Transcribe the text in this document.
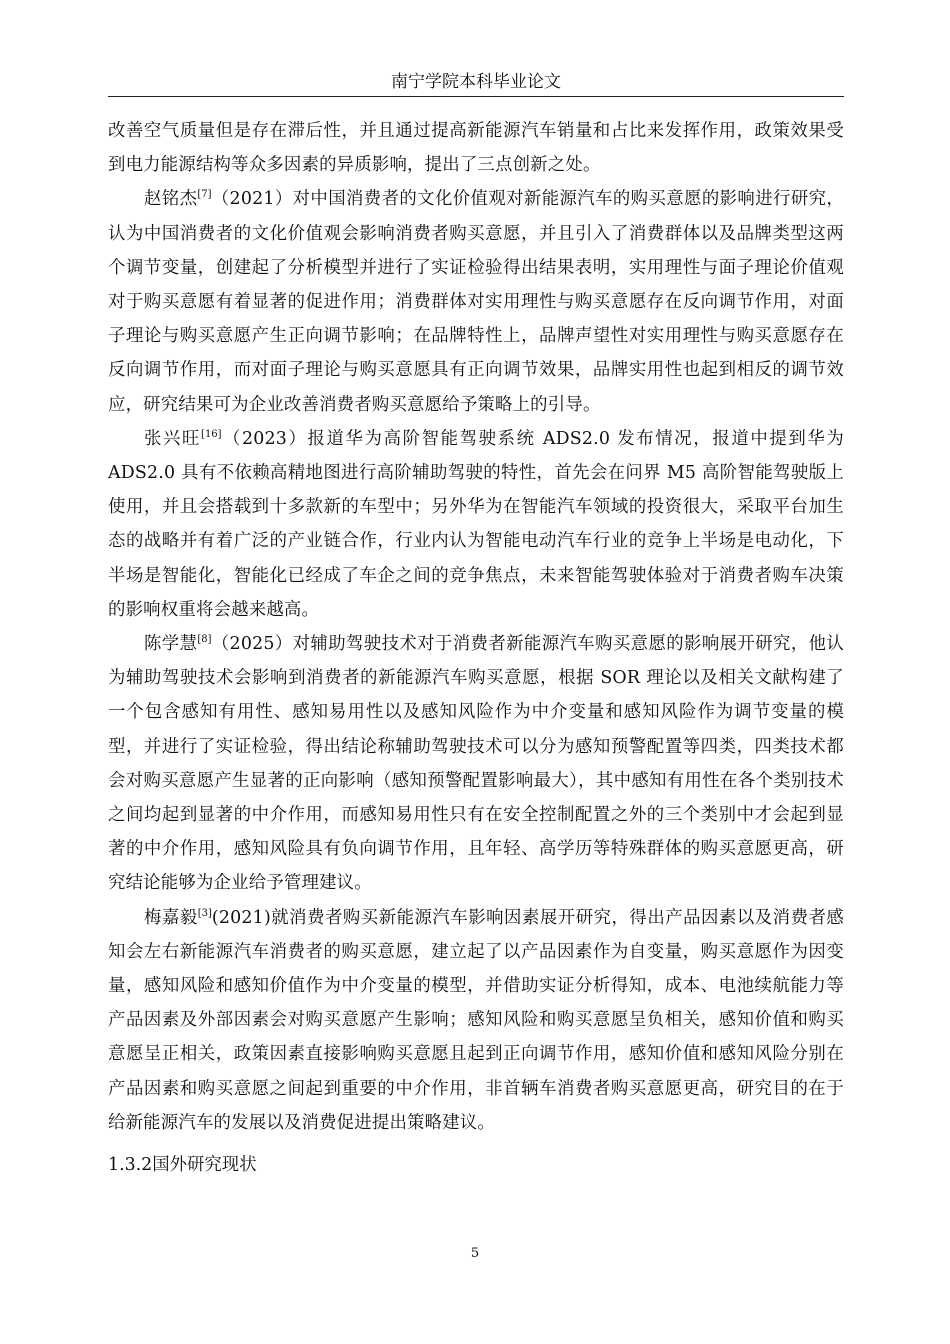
南宁学院本科毕业论文

改善空气质量但是存在滞后性，并且通过提高新能源汽车销量和占比来发挥作用，政策效果受到电力能源结构等众多因素的异质影响，提出了三点创新之处。

赵铭杰[7]（2021）对中国消费者的文化价值观对新能源汽车的购买意愿的影响进行研究，认为中国消费者的文化价值观会影响消费者购买意愿，并且引入了消费群体以及品牌类型这两个调节变量，创建起了分析模型并进行了实证检验得出结果表明，实用理性与面子理论价值观对于购买意愿有着显著的促进作用；消费群体对实用理性与购买意愿存在反向调节作用，对面子理论与购买意愿产生正向调节影响；在品牌特性上，品牌声望性对实用理性与购买意愿存在反向调节作用，而对面子理论与购买意愿具有正向调节效果，品牌实用性也起到相反的调节效应，研究结果可为企业改善消费者购买意愿给予策略上的引导。

张兴旺[16]（2023）报道华为高阶智能驾驶系统 ADS2.0 发布情况，报道中提到华为 ADS2.0 具有不依赖高精地图进行高阶辅助驾驶的特性，首先会在问界 M5 高阶智能驾驶版上使用，并且会搭载到十多款新的车型中；另外华为在智能汽车领域的投资很大，采取平台加生态的战略并有着广泛的产业链合作，行业内认为智能电动汽车行业的竞争上半场是电动化，下半场是智能化，智能化已经成了车企之间的竞争焦点，未来智能驾驶体验对于消费者购车决策的影响权重将会越来越高。

陈学慧[8]（2025）对辅助驾驶技术对于消费者新能源汽车购买意愿的影响展开研究，他认为辅助驾驶技术会影响到消费者的新能源汽车购买意愿，根据 SOR 理论以及相关文献构建了一个包含感知有用性、感知易用性以及感知风险作为中介变量和感知风险作为调节变量的模型，并进行了实证检验，得出结论称辅助驾驶技术可以分为感知预警配置等四类，四类技术都会对购买意愿产生显著的正向影响（感知预警配置影响最大），其中感知有用性在各个类别技术之间均起到显著的中介作用，而感知易用性只有在安全控制配置之外的三个类别中才会起到显著的中介作用，感知风险具有负向调节作用，且年轻、高学历等特殊群体的购买意愿更高，研究结论能够为企业给予管理建议。

梅嘉毅[3](2021)就消费者购买新能源汽车影响因素展开研究，得出产品因素以及消费者感知会左右新能源汽车消费者的购买意愿，建立起了以产品因素作为自变量，购买意愿作为因变量，感知风险和感知价值作为中介变量的模型，并借助实证分析得知，成本、电池续航能力等产品因素及外部因素会对购买意愿产生影响；感知风险和购买意愿呈负相关，感知价值和购买意愿呈正相关，政策因素直接影响购买意愿且起到正向调节作用，感知价值和感知风险分别在产品因素和购买意愿之间起到重要的中介作用，非首辆车消费者购买意愿更高，研究目的在于给新能源汽车的发展以及消费促进提出策略建议。

1.3.2国外研究现状

5
